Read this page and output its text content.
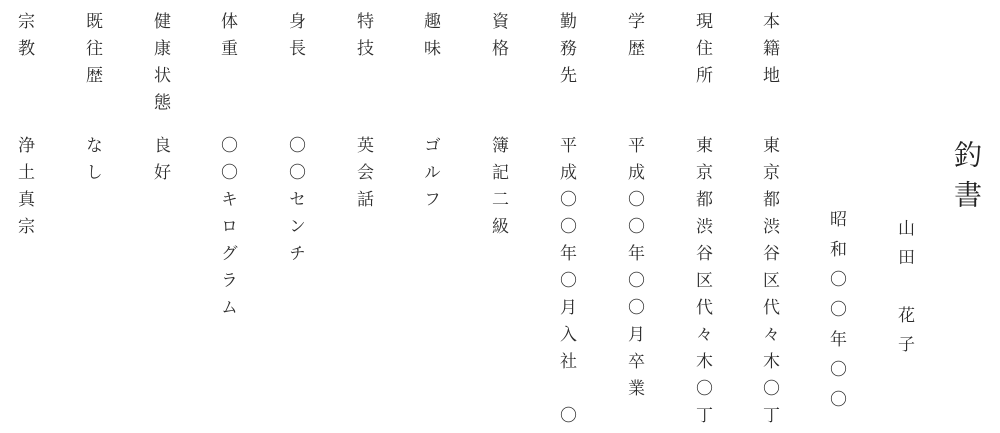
釣書
山田　花子
昭和〇〇年〇〇
本籍地
東京都渋谷区代々木〇丁
現住所
東京都渋谷区代々木〇丁
学歴
平成〇〇年〇〇月卒業
勤務先
平成〇〇年〇月入社　〇
資格
簿記二級
趣味
ゴルフ
特技
英会話
身長
〇〇センチ
体重
〇〇キログラム
健康状態
良好
既往歴
なし
宗教
浄土真宗
